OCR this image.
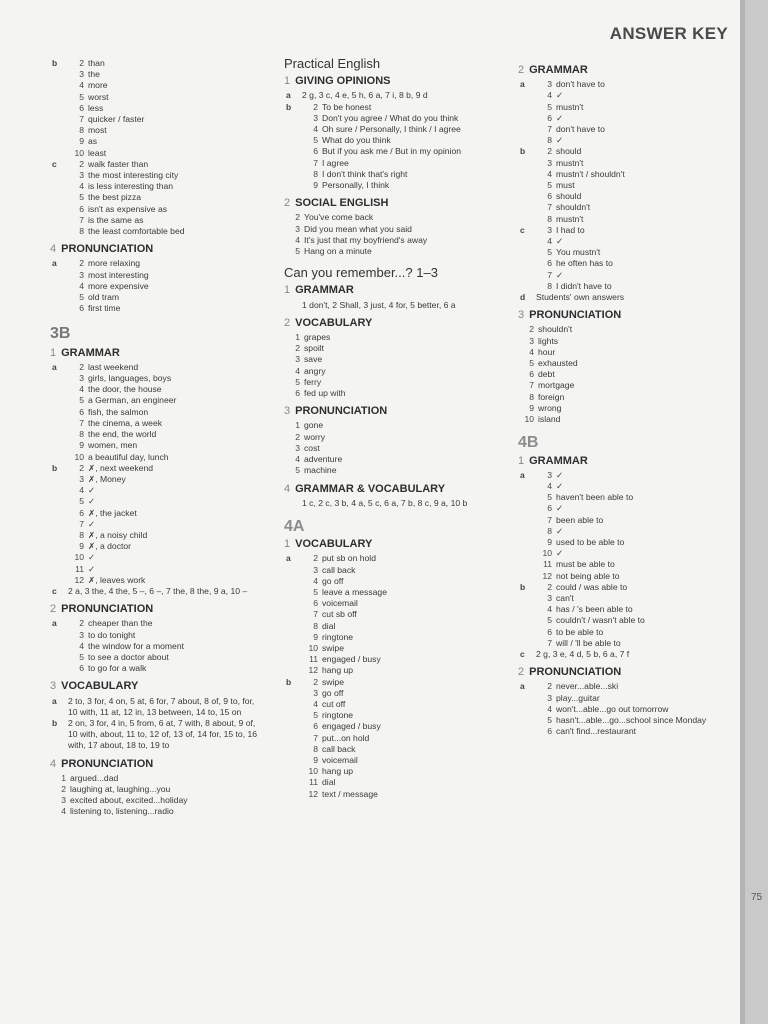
ANSWER KEY
75
b	2 than
3 the
4 more
5 worst
6 less
7 quicker / faster
8 most
9 as
10 least
c	2 walk faster than
3 the most interesting city
4 is less interesting than
5 the best pizza
6 isn't as expensive as
7 is the same as
8 the least comfortable bed
4 PRONUNCIATION
a	2 more relaxing
3 most interesting
4 more expensive
5 old tram
6 first time
3B
1 GRAMMAR
a	2 last weekend
3 girls, languages, boys
4 the door, the house
5 a German, an engineer
6 fish, the salmon
7 the cinema, a week
8 the end, the world
9 women, men
10 a beautiful day, lunch
b	2 ✗, next weekend
3 ✗, Money
4 ✓
5 ✓
6 ✗, the jacket
7 ✓
8 ✗, a noisy child
9 ✗, a doctor
10 ✓
11 ✓
12 ✗, leaves work
c	2 a, 3 the, 4 the, 5 –, 6 –, 7 the, 8 the, 9 a, 10 –

2 PRONUNCIATION
a	2 cheaper than the
3 to do tonight
4 the window for a moment
5 to see a doctor about
6 to go for a walk
3 VOCABULARY
a	2 to, 3 for, 4 on, 5 at, 6 for, 7 about, 8 of, 9 to, for, 10 with, 11 at, 12 in, 13 between, 14 to, 15 on

b	2 on, 3 for, 4 in, 5 from, 6 at, 7 with, 8 about, 9 of, 10 with, about, 11 to, 12 of, 13 of, 14 for, 15 to, 16 with, 17 about, 18 to, 19 to

4 PRONUNCIATION
1 argued...dad
2 laughing at, laughing...you
3 excited about, excited...holiday
4 listening to, listening...radio
Practical English
1 GIVING OPINIONS
a	2 g, 3 c, 4 e, 5 h, 6 a, 7 i, 8 b, 9 d

b	2 To be honest
3 Don't you agree / What do you think
4 Oh sure / Personally, I think / I agree
5 What do you think
6 But if you ask me / But in my opinion
7 I agree
8 I don't think that's right
9 Personally, I think
2 SOCIAL ENGLISH
2 You've come back
3 Did you mean what you said
4 It's just that my boyfriend's away
5 Hang on a minute
Can you remember...? 1–3
1 GRAMMAR

1 don't, 2 Shall, 3 just, 4 for, 5 better, 6 a

2 VOCABULARY
1 grapes
2 spoilt
3 save
4 angry
5 ferry
6 fed up with
3 PRONUNCIATION
1 gone
2 worry
3 cost
4 adventure
5 machine
4 GRAMMAR & VOCABULARY

1 c, 2 c, 3 b, 4 a, 5 c, 6 a, 7 b, 8 c, 9 a, 10 b

4A
1 VOCABULARY
a	2 put sb on hold
3 call back
4 go off
5 leave a message
6 voicemail
7 cut sb off
8 dial
9 ringtone
10 swipe
11 engaged / busy
12 hang up
b	2 swipe
3 go off
4 cut off
5 ringtone
6 engaged / busy
7 put...on hold
8 call back
9 voicemail
10 hang up
11 dial
12 text / message
2 GRAMMAR
a	3 don't have to
4 ✓
5 mustn't
6 ✓
7 don't have to
8 ✓
b	2 should
3 mustn't
4 mustn't / shouldn't
5 must
6 should
7 shouldn't
8 mustn't
c	3 I had to
4 ✓
5 You mustn't
6 he often has to
7 ✓
8 I didn't have to
d	Students' own answers

3 PRONUNCIATION
2 shouldn't
3 lights
4 hour
5 exhausted
6 debt
7 mortgage
8 foreign
9 wrong
10 island
4B
1 GRAMMAR
a	3 ✓
4 ✓
5 haven't been able to
6 ✓
7 been able to
8 ✓
9 used to be able to
10 ✓
11 must be able to
12 not being able to
b	2 could / was able to
3 can't
4 has / 's been able to
5 couldn't / wasn't able to
6 to be able to
7 will / 'll be able to
c	2 g, 3 e, 4 d, 5 b, 6 a, 7 f

2 PRONUNCIATION
a	2 never...able...ski
3 play...guitar
4 won't...able...go out tomorrow
5 hasn't...able...go...school since Monday
6 can't find...restaurant
